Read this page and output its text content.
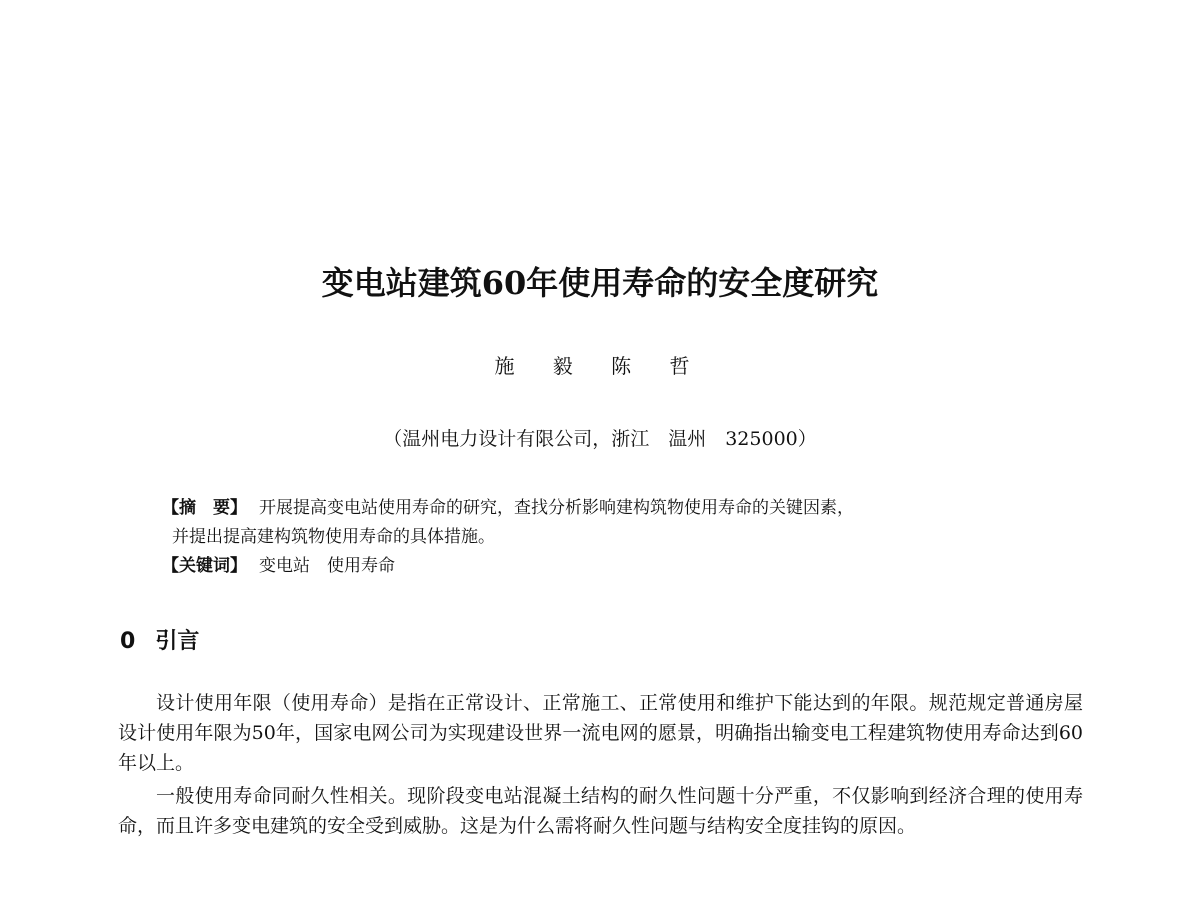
变电站建筑60年使用寿命的安全度研究
施 毅 陈 哲
（温州电力设计有限公司，浙江　温州　325000）
【摘　要】 开展提高变电站使用寿命的研究，查找分析影响建构筑物使用寿命的关键因素，
并提出提高建构筑物使用寿命的具体措施。
【关键词】 变电站　使用寿命
0 引言

设计使用年限（使用寿命）是指在正常设计、正常施工、正常使用和维护下能达到的年限。规范规定普通房屋设计使用年限为50年，国家电网公司为实现建设世界一流电网的愿景，明确指出输变电工程建筑物使用寿命达到60年以上。

一般使用寿命同耐久性相关。现阶段变电站混凝土结构的耐久性问题十分严重，不仅影响到经济合理的使用寿命，而且许多变电建筑的安全受到威胁。这是为什么需将耐久性问题与结构安全度挂钩的原因。
